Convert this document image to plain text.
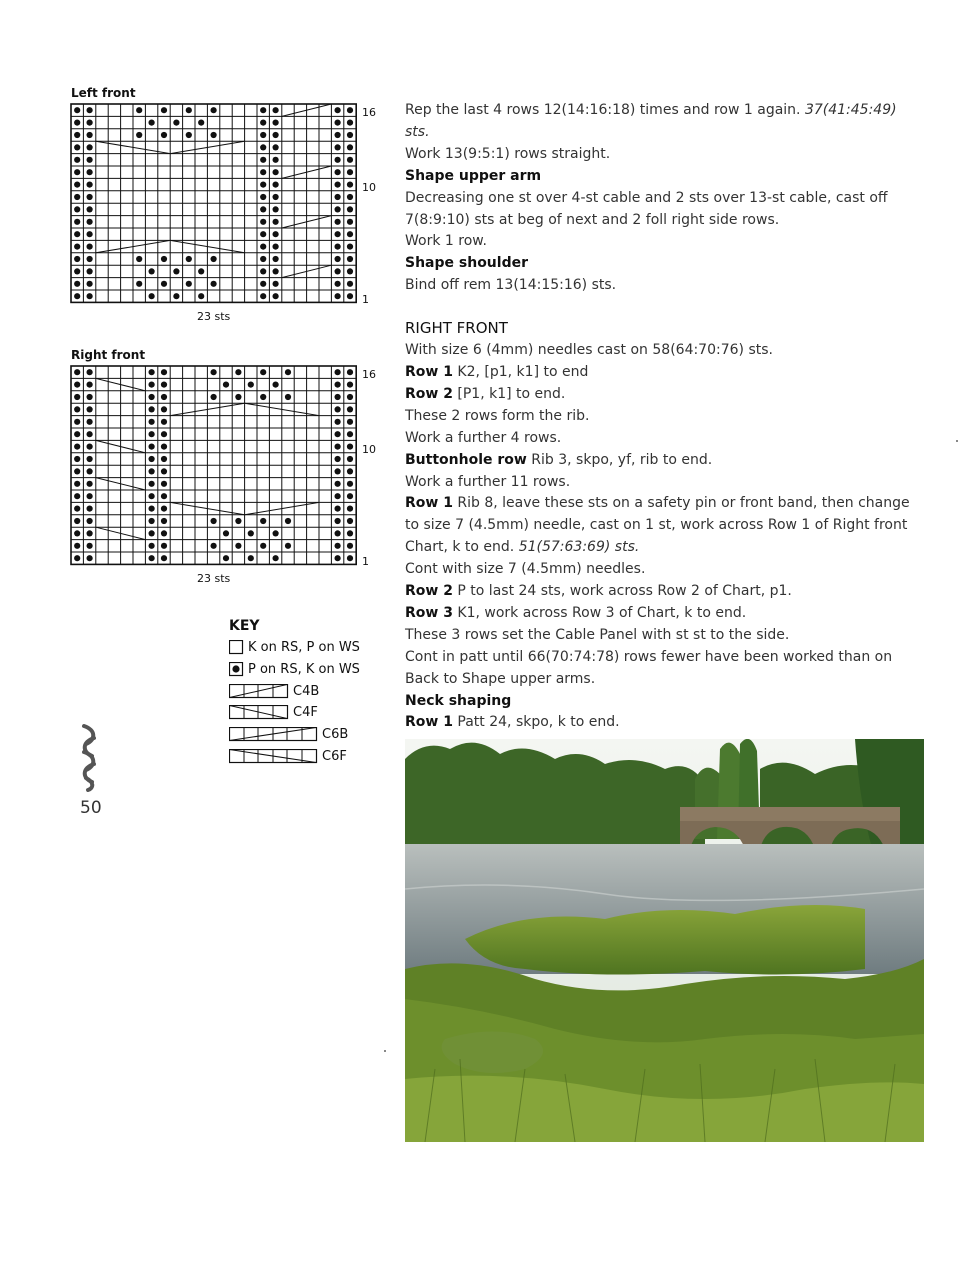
Left front
16
10
1
23 sts
Right front
16
10
1
23 sts
KEY
K on RS, P on WS
P on RS, K on WS
C4B
C4F
C6B
C6F
50

Rep the last 4 rows 12(14:16:18) times and row 1 again. 37(41:45:49) sts.

Work 13(9:5:1) rows straight.

Shape upper arm

Decreasing one st over 4-st cable and 2 sts over 13-st cable, cast off 7(8:9:10) sts at beg of next and 2 foll right side rows.

Work 1 row.

Shape shoulder

Bind off rem 13(14:15:16) sts.

RIGHT FRONT

With size 6 (4mm) needles cast on 58(64:70:76) sts.

Row 1 K2, [p1, k1] to end

Row 2 [P1, k1] to end.

These 2 rows form the rib.

Work a further 4 rows.

Buttonhole row Rib 3, skpo, yf, rib to end.

Work a further 11 rows.

Row 1 Rib 8, leave these sts on a safety pin or front band, then change to size 7 (4.5mm) needle, cast on 1 st, work across Row 1 of Right front Chart, k to end. 51(57:63:69) sts.

Cont with size 7 (4.5mm) needles.

Row 2 P to last 24 sts, work across Row 2 of Chart, p1.

Row 3 K1, work across Row 3 of Chart, k to end.

These 3 rows set the Cable Panel with st st to the side.

Cont in patt until 66(70:74:78) rows fewer have been worked than on Back to Shape upper arms.

Neck shaping

Row 1 Patt 24, skpo, k to end.
